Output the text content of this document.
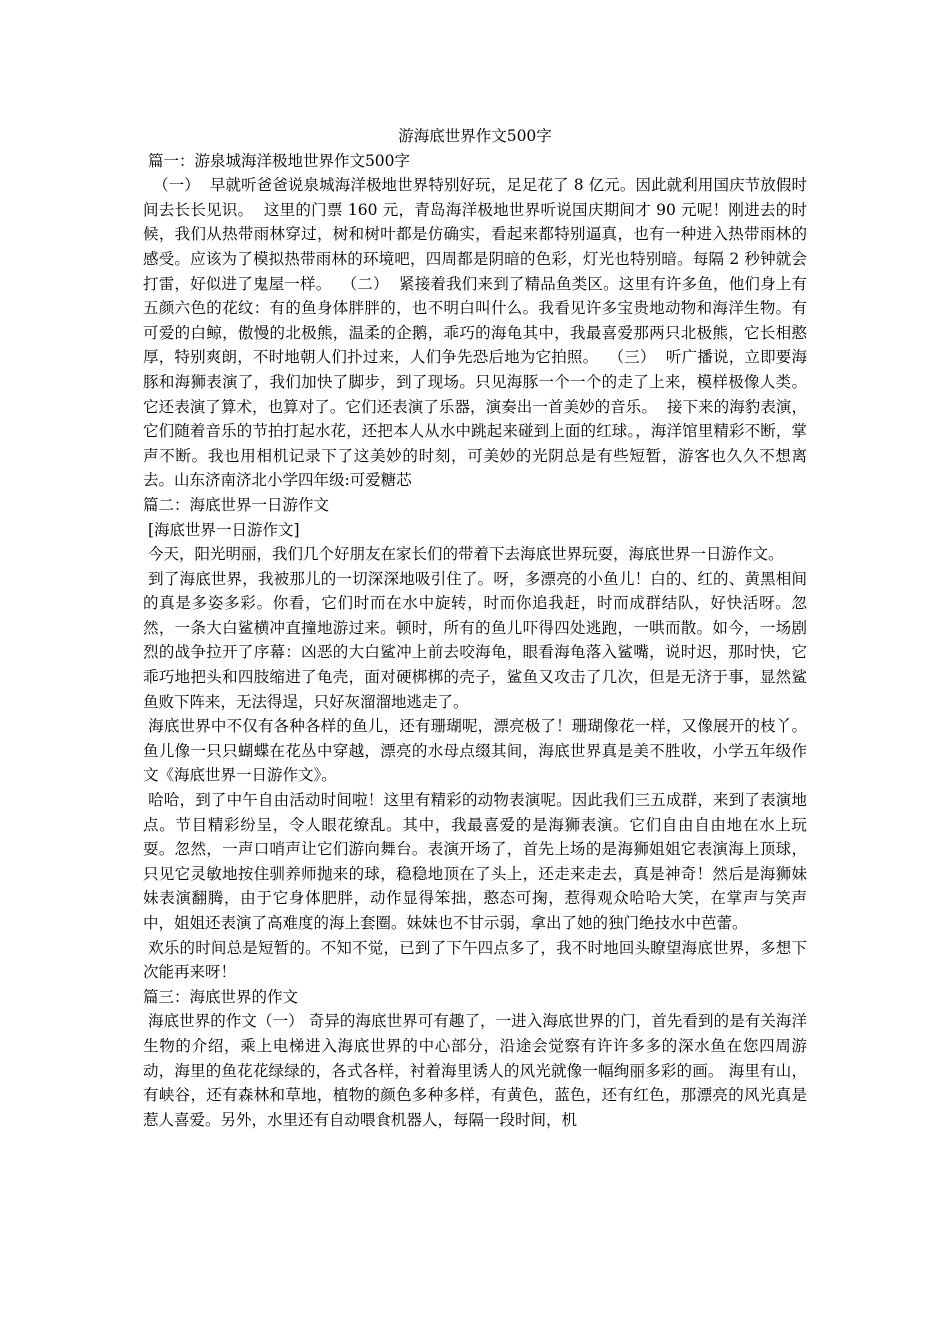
游海底世界作文500字

篇一：游泉城海洋极地世界作文500字

（一）  早就听爸爸说泉城海洋极地世界特别好玩，足足花了 8 亿元。因此就利用国庆节放假时间去长长见识。  这里的门票 160 元，青岛海洋极地世界听说国庆期间才 90 元呢！刚进去的时候，我们从热带雨林穿过，树和树叶都是仿确实，看起来都特别逼真，也有一种进入热带雨林的感受。应该为了模拟热带雨林的环境吧，四周都是阴暗的色彩，灯光也特别暗。每隔 2 秒钟就会打雷，好似进了鬼屋一样。  （二）  紧接着我们来到了精品鱼类区。这里有许多鱼，他们身上有五颜六色的花纹：有的鱼身体胖胖的，也不明白叫什么。我看见许多宝贵地动物和海洋生物。有可爱的白鲸，傲慢的北极熊，温柔的企鹅，乖巧的海龟其中，我最喜爱那两只北极熊，它长相憨厚，特别爽朗，不时地朝人们扑过来，人们争先恐后地为它拍照。  （三）  听广播说，立即要海豚和海狮表演了，我们加快了脚步，到了现场。只见海豚一个一个的走了上来，模样极像人类。它还表演了算术，也算对了。它们还表演了乐器，演奏出一首美妙的音乐。  接下来的海豹表演，它们随着音乐的节拍打起水花，还把本人从水中跳起来碰到上面的红球。，海洋馆里精彩不断，掌声不断。我也用相机记录下了这美妙的时刻，可美妙的光阴总是有些短暂，游客也久久不想离去。山东济南济北小学四年级:可爱糖芯

篇二：海底世界一日游作文

[海底世界一日游作文]

今天，阳光明丽，我们几个好朋友在家长们的带着下去海底世界玩耍，海底世界一日游作文。

到了海底世界，我被那儿的一切深深地吸引住了。呀，多漂亮的小鱼儿！白的、红的、黄黑相间的真是多姿多彩。你看，它们时而在水中旋转，时而你追我赶，时而成群结队，好快活呀。忽然，一条大白鲨横冲直撞地游过来。顿时，所有的鱼儿吓得四处逃跑，一哄而散。如今，一场剧烈的战争拉开了序幕：凶恶的大白鲨冲上前去咬海龟，眼看海龟落入鲨嘴，说时迟，那时快，它乖巧地把头和四肢缩进了龟壳，面对硬梆梆的壳子，鲨鱼又攻击了几次，但是无济于事，显然鲨鱼败下阵来，无法得逞，只好灰溜溜地逃走了。

海底世界中不仅有各种各样的鱼儿，还有珊瑚呢，漂亮极了！珊瑚像花一样，又像展开的枝丫。鱼儿像一只只蝴蝶在花丛中穿越，漂亮的水母点缀其间，海底世界真是美不胜收，小学五年级作文《海底世界一日游作文》。

哈哈，到了中午自由活动时间啦！这里有精彩的动物表演呢。因此我们三五成群，来到了表演地点。节目精彩纷呈，令人眼花缭乱。其中，我最喜爱的是海狮表演。它们自由自由地在水上玩耍。忽然，一声口哨声让它们游向舞台。表演开场了，首先上场的是海狮姐姐它表演海上顶球，只见它灵敏地按住驯养师抛来的球，稳稳地顶在了头上，还走来走去，真是神奇！然后是海狮妹妹表演翻腾，由于它身体肥胖，动作显得笨拙，憨态可掬，惹得观众哈哈大笑，在掌声与笑声中，姐姐还表演了高难度的海上套圈。妹妹也不甘示弱，拿出了她的独门绝技水中芭蕾。

欢乐的时间总是短暂的。不知不觉，已到了下午四点多了，我不时地回头瞭望海底世界，多想下次能再来呀！

篇三：海底世界的作文

海底世界的作文（一） 奇异的海底世界可有趣了，一进入海底世界的门，首先看到的是有关海洋生物的介绍，乘上电梯进入海底世界的中心部分，沿途会觉察有许许多多的深水鱼在您四周游动，海里的鱼花花绿绿的，各式各样，衬着海里诱人的风光就像一幅绚丽多彩的画。 海里有山，有峡谷，还有森林和草地，植物的颜色多种多样，有黄色，蓝色，还有红色，那漂亮的风光真是惹人喜爱。另外，水里还有自动喂食机器人，每隔一段时间，机
